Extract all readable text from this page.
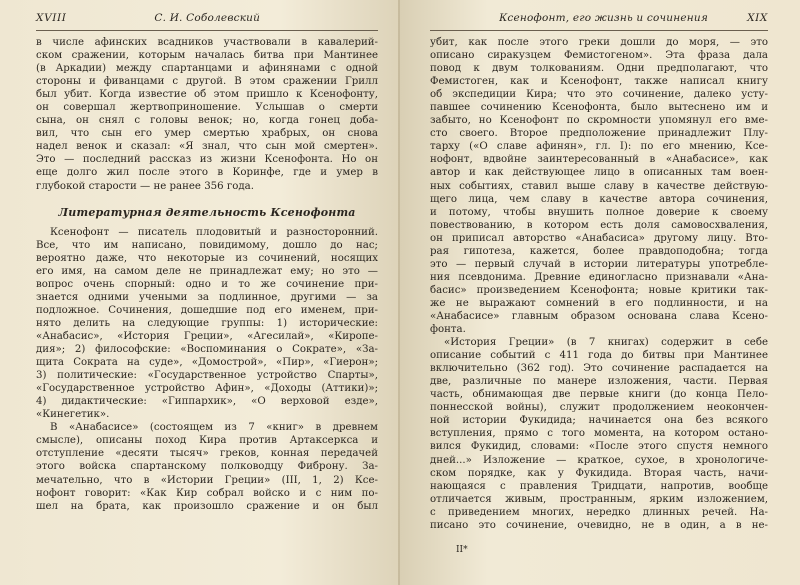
XVIII	С. И. Соболевский
в числе афинских всадников участвовали в кавалерий-
ском сражении, которым началась битва при Мантинее
(в Аркадии) между спартанцами и афинянами с одной
стороны и фиванцами с другой. В этом сражении Грилл
был убит. Когда известие об этом пришло к Ксенофонту,
он совершал жертвоприношение. Услышав о смерти
сына, он снял с головы венок; но, когда гонец доба-
вил, что сын его умер смертью храбрых, он снова
надел венок и сказал: «Я знал, что сын мой смертен».
Это — последний рассказ из жизни Ксенофонта. Но он
еще долго жил после этого в Коринфе, где и умер в
глубокой старости — не ранее 356 года.
Литературная деятельность Ксенофонта
Ксенофонт — писатель плодовитый и разносторонний.
Все, что им написано, повидимому, дошло до нас;
вероятно даже, что некоторые из сочинений, носящих
его имя, на самом деле не принадлежат ему; но это —
вопрос очень спорный: одно и то же сочинение при-
знается одними учеными за подлинное, другими — за
подложное. Сочинения, дошедшие под его именем, при-
нято делить на следующие группы: 1) исторические:
«Анабасис», «История Греции», «Агесилай», «Киропе-
дия»; 2) философские: «Воспоминания о Сократе», «За-
щита Сократа на суде», «Домострой», «Пир», «Гиерон»;
3) политические: «Государственное устройство Спарты»,
«Государственное устройство Афин», «Доходы (Аттики)»;
4) дидактические: «Гиппархик», «О верховой езде»,
«Кинегетик».
В «Анабасисе» (состоящем из 7 «книг» в древнем
смысле), описаны поход Кира против Артаксеркса и
отступление «десяти тысяч» греков, конная передачей
этого войска спартанскому полководцу Фиброну. За-
мечательно, что в «Истории Греции» (III, 1, 2) Ксе-
нофонт говорит: «Как Кир собрал войско и с ним по-
шел на брата, как произошло сражение и он был
Ксенофонт, его жизнь и сочинения	XIX
убит, как после этого греки дошли до моря, — это
описано сиракузцем Фемистогеном». Эта фраза дала
повод к двум толкованиям. Одни предполагают, что
Фемистоген, как и Ксенофонт, также написал книгу
об экспедиции Кира; что это сочинение, далеко усту-
павшее сочинению Ксенофонта, было вытеснено им и
забыто, но Ксенофонт по скромности упомянул его вме-
сто своего. Второе предположение принадлежит Плу-
тарху («О славе афинян», гл. I): по его мнению, Ксе-
нофонт, вдвойне заинтересованный в «Анабасисе», как
автор и как действующее лицо в описанных там воен-
ных событиях, ставил выше славу в качестве действую-
щего лица, чем славу в качестве автора сочинения,
и потому, чтобы внушить полное доверие к своему
повествованию, в котором есть доля самовосхваления,
он приписал авторство «Анабасиса» другому лицу. Вто-
рая гипотеза, кажется, более правдоподобна; тогда
это — первый случай в истории литературы употребле-
ния псевдонима. Древние единогласно признавали «Ана-
басис» произведением Ксенофонта; новые критики так-
же не выражают сомнений в его подлинности, и на
«Анабасисе» главным образом основана слава Ксено-
фонта.
«История Греции» (в 7 книгах) содержит в себе
описание событий с 411 года до битвы при Мантинее
включительно (362 год). Это сочинение распадается на
две, различные по манере изложения, части. Первая
часть, обнимающая две первые книги (до конца Пело-
поннесской войны), служит продолжением неокончен-
ной истории Фукидида; начинается она без всякого
вступления, прямо с того момента, на котором остано-
вился Фукидид, словами: «После этого спустя немного
дней...» Изложение — краткое, сухое, в хронологиче-
ском порядке, как у Фукидида. Вторая часть, начи-
нающаяся с правления Тридцати, напротив, вообще
отличается живым, пространным, ярким изложением,
с приведением многих, нередко длинных речей. На-
писано это сочинение, очевидно, не в один, а в не-
II*
